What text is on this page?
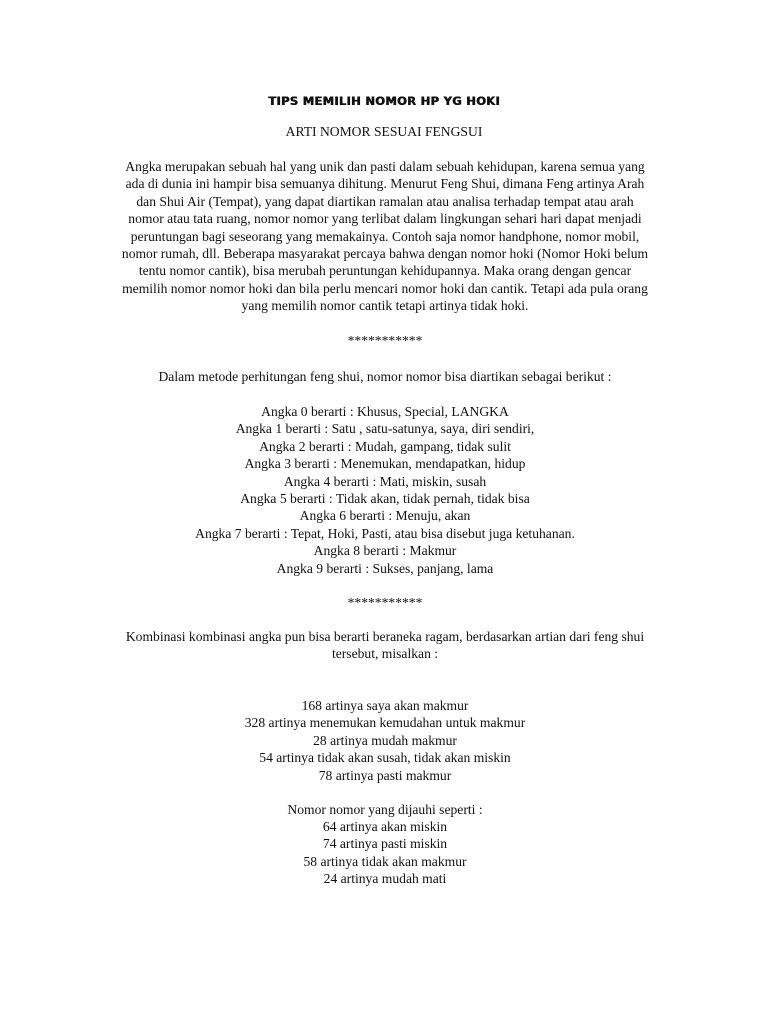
TIPS MEMILIH NOMOR HP YG HOKI
ARTI NOMOR SESUAI FENGSUI
Angka merupakan sebuah hal yang unik dan pasti dalam sebuah kehidupan, karena semua yang
ada di dunia ini hampir bisa semuanya dihitung. Menurut Feng Shui, dimana Feng artinya Arah
dan Shui Air (Tempat), yang dapat diartikan ramalan atau analisa terhadap tempat atau arah
nomor atau tata ruang, nomor nomor yang terlibat dalam lingkungan sehari hari dapat menjadi
peruntungan bagi seseorang yang memakainya. Contoh saja nomor handphone, nomor mobil,
nomor rumah, dll. Beberapa masyarakat percaya bahwa dengan nomor hoki (Nomor Hoki belum
tentu nomor cantik), bisa merubah peruntungan kehidupannya. Maka orang dengan gencar
memilih nomor nomor hoki dan bila perlu mencari nomor hoki dan cantik. Tetapi ada pula orang
yang memilih nomor cantik tetapi artinya tidak hoki.
***********
Dalam metode perhitungan feng shui, nomor nomor bisa diartikan sebagai berikut :
Angka 0 berarti : Khusus, Special, LANGKA
Angka 1 berarti : Satu , satu-satunya, saya, diri sendiri,
Angka 2 berarti : Mudah, gampang, tidak sulit
Angka 3 berarti : Menemukan, mendapatkan, hidup
Angka 4 berarti : Mati, miskin, susah
Angka 5 berarti : Tidak akan, tidak pernah, tidak bisa
Angka 6 berarti : Menuju, akan
Angka 7 berarti : Tepat, Hoki, Pasti, atau bisa disebut juga ketuhanan.
Angka 8 berarti : Makmur
Angka 9 berarti : Sukses, panjang, lama
***********
Kombinasi kombinasi angka pun bisa berarti beraneka ragam, berdasarkan artian dari feng shui
tersebut, misalkan :
168 artinya saya akan makmur
328 artinya menemukan kemudahan untuk makmur
28 artinya mudah makmur
54 artinya tidak akan susah, tidak akan miskin
78 artinya pasti makmur
Nomor nomor yang dijauhi seperti :
64 artinya akan miskin
74 artinya pasti miskin
58 artinya tidak akan makmur
24 artinya mudah mati
